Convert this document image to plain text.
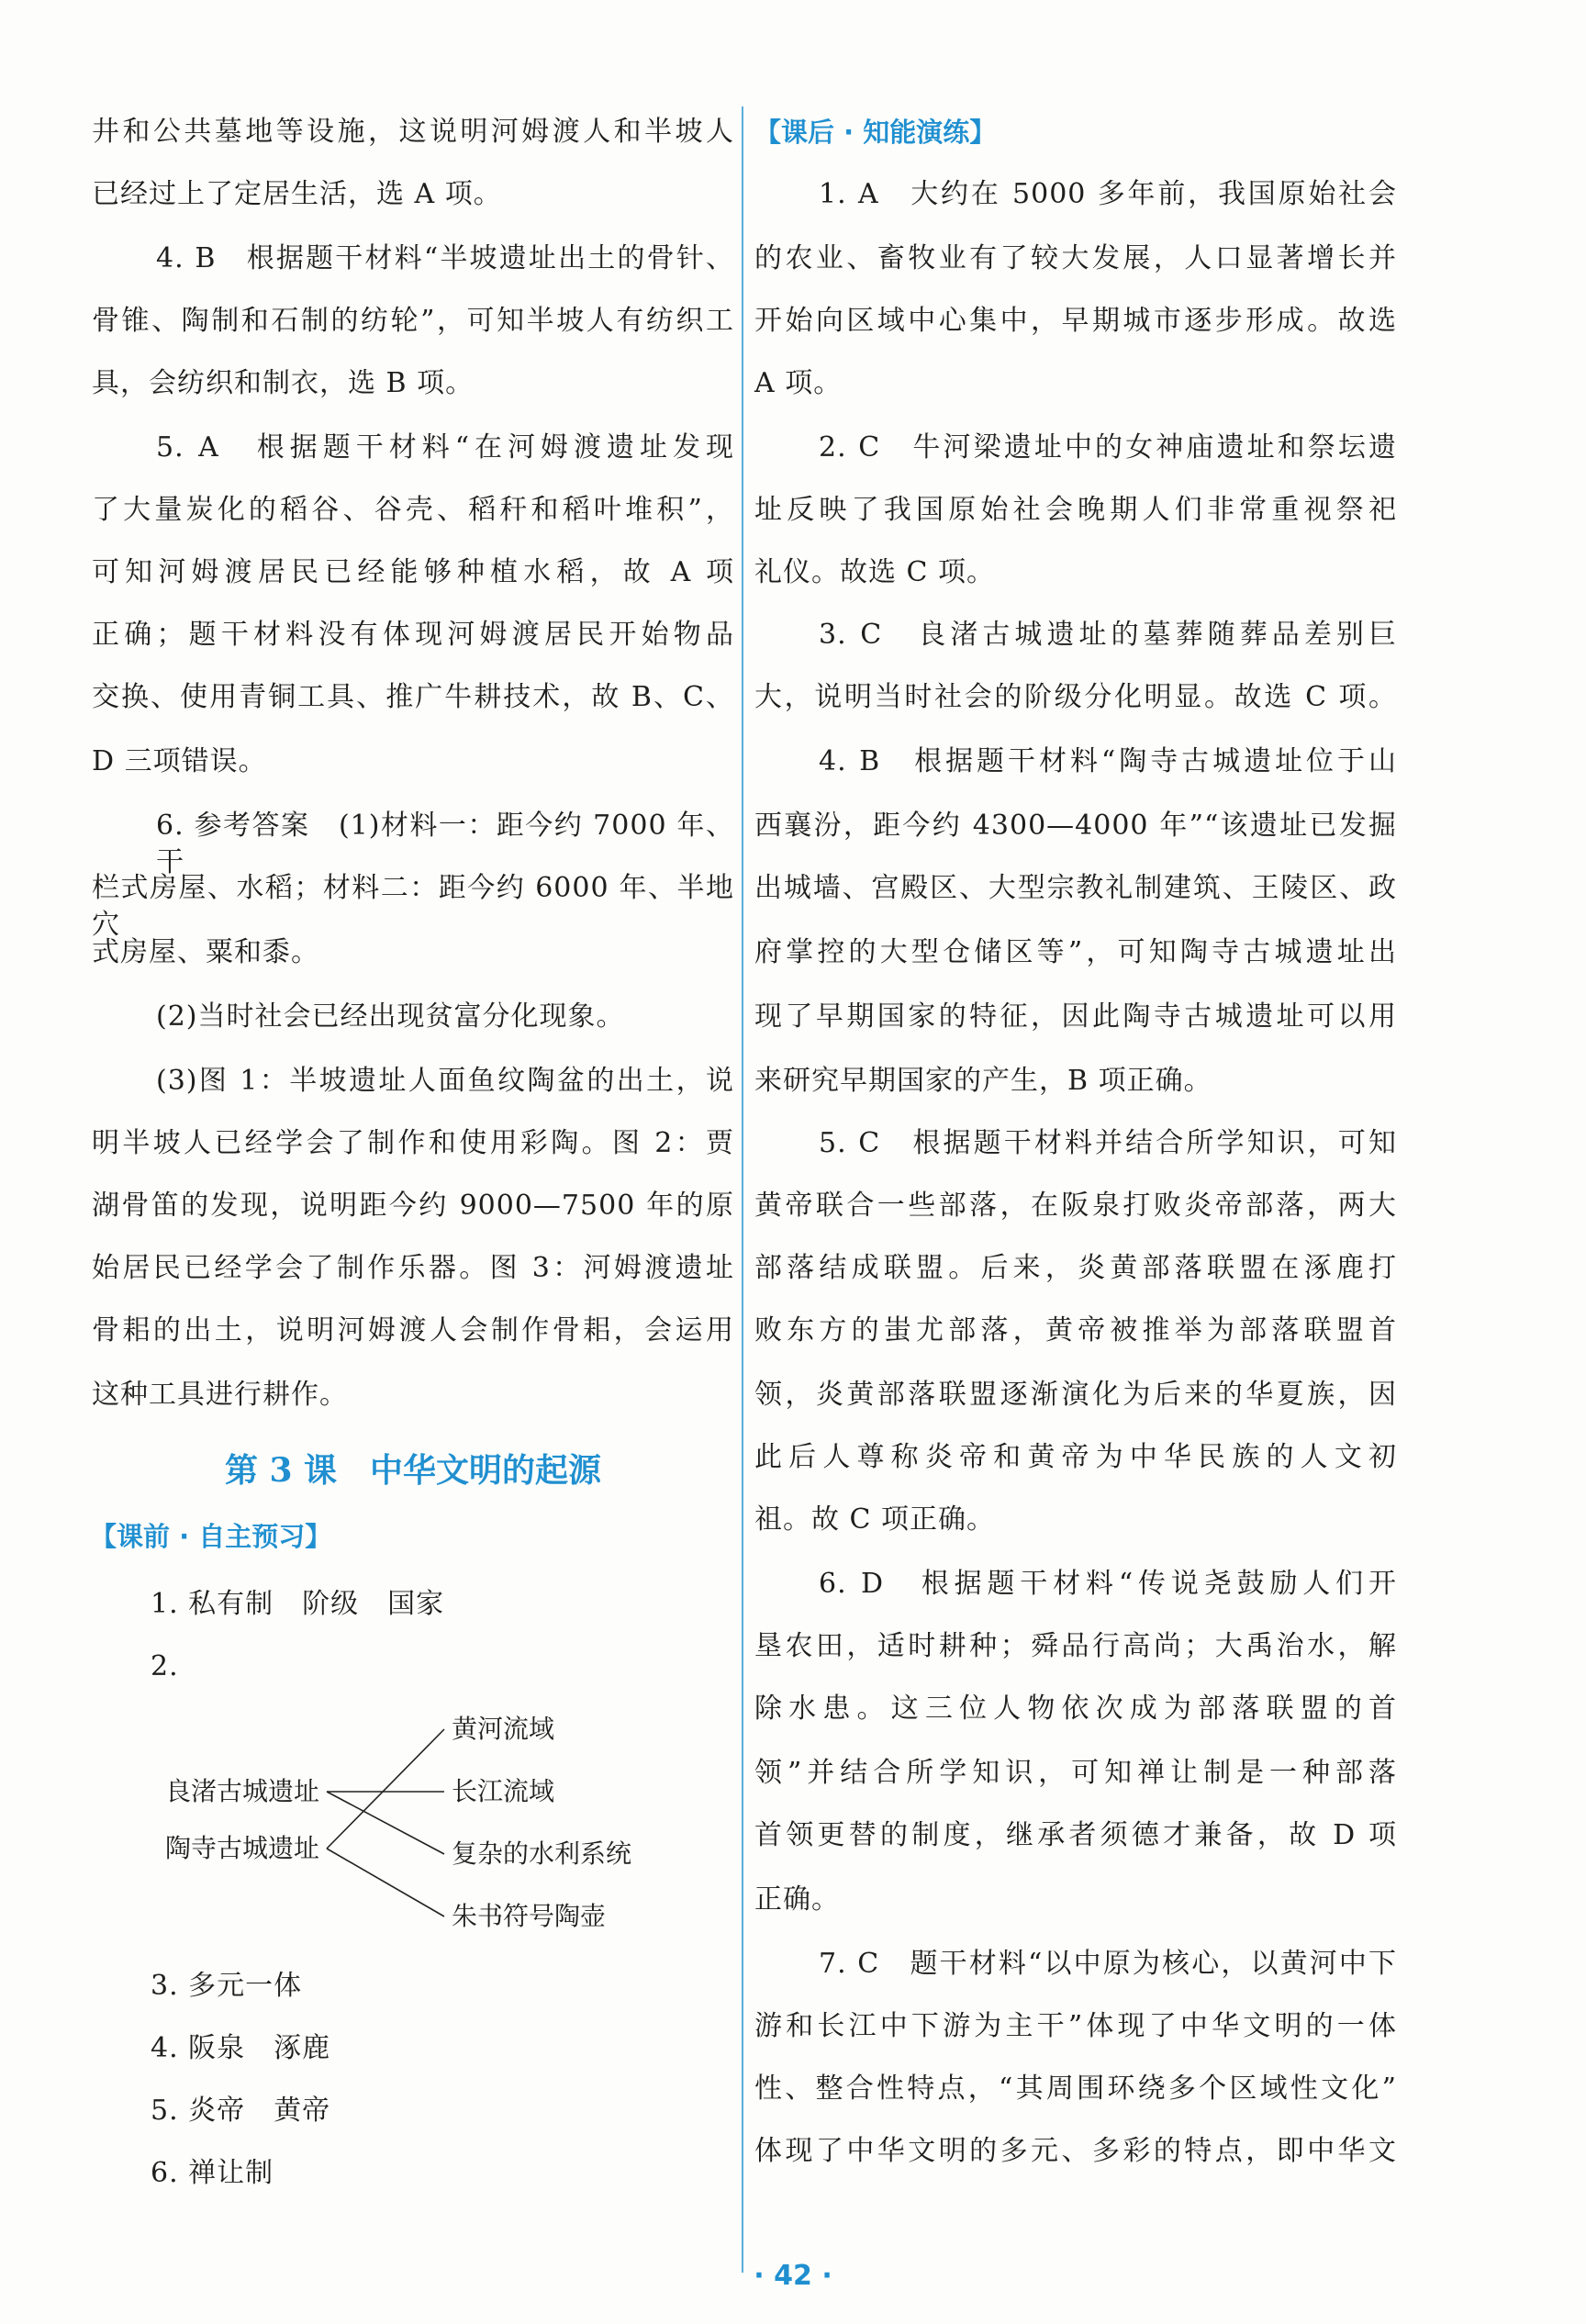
井和公共墓地等设施，这说明河姆渡人和半坡人
已经过上了定居生活，选 A 项。
4. B　根据题干材料“半坡遗址出土的骨针、
骨锥、陶制和石制的纺轮”，可知半坡人有纺织工
具，会纺织和制衣，选 B 项。
5. A　根据题干材料“在河姆渡遗址发现
了大量炭化的稻谷、谷壳、稻秆和稻叶堆积”，
可知河姆渡居民已经能够种植水稻，故 A 项
正确；题干材料没有体现河姆渡居民开始物品
交换、使用青铜工具、推广牛耕技术，故 B、C、
D 三项错误。
6. 参考答案　(1)材料一：距今约 7000 年、干
栏式房屋、水稻；材料二：距今约 6000 年、半地穴
式房屋、粟和黍。
(2)当时社会已经出现贫富分化现象。
(3)图 1：半坡遗址人面鱼纹陶盆的出土，说
明半坡人已经学会了制作和使用彩陶。图 2：贾
湖骨笛的发现，说明距今约 9000—7500 年的原
始居民已经学会了制作乐器。图 3：河姆渡遗址
骨耜的出土，说明河姆渡人会制作骨耜，会运用
这种工具进行耕作。
【课前 · 自主预习】
1. 私有制　阶级　国家
2.
良渚古城遗址
陶寺古城遗址
黄河流域
长江流域
复杂的水利系统
朱书符号陶壶
3. 多元一体
4. 阪泉　涿鹿
5. 炎帝　黄帝
6. 禅让制
第 3 课　中华文明的起源
【课后 · 知能演练】
1. A　大约在 5000 多年前，我国原始社会
的农业、畜牧业有了较大发展，人口显著增长并
开始向区域中心集中，早期城市逐步形成。故选
A 项。
2. C　牛河梁遗址中的女神庙遗址和祭坛遗
址反映了我国原始社会晚期人们非常重视祭祀
礼仪。故选 C 项。
3. C　良渚古城遗址的墓葬随葬品差别巨
大，说明当时社会的阶级分化明显。故选 C 项。
4. B　根据题干材料“陶寺古城遗址位于山
西襄汾，距今约 4300—4000 年”“该遗址已发掘
出城墙、宫殿区、大型宗教礼制建筑、王陵区、政
府掌控的大型仓储区等”，可知陶寺古城遗址出
现了早期国家的特征，因此陶寺古城遗址可以用
来研究早期国家的产生，B 项正确。
5. C　根据题干材料并结合所学知识，可知
黄帝联合一些部落，在阪泉打败炎帝部落，两大
部落结成联盟。后来，炎黄部落联盟在涿鹿打
败东方的蚩尤部落，黄帝被推举为部落联盟首
领，炎黄部落联盟逐渐演化为后来的华夏族，因
此后人尊称炎帝和黄帝为中华民族的人文初
祖。故 C 项正确。
6. D　根据题干材料“传说尧鼓励人们开
垦农田，适时耕种；舜品行高尚；大禹治水，解
除水患。这三位人物依次成为部落联盟的首
领”并结合所学知识，可知禅让制是一种部落
首领更替的制度，继承者须德才兼备，故 D 项
正确。
7. C　题干材料“以中原为核心，以黄河中下
游和长江中下游为主干”体现了中华文明的一体
性、整合性特点，“其周围环绕多个区域性文化”
体现了中华文明的多元、多彩的特点，即中华文
· 42 ·
